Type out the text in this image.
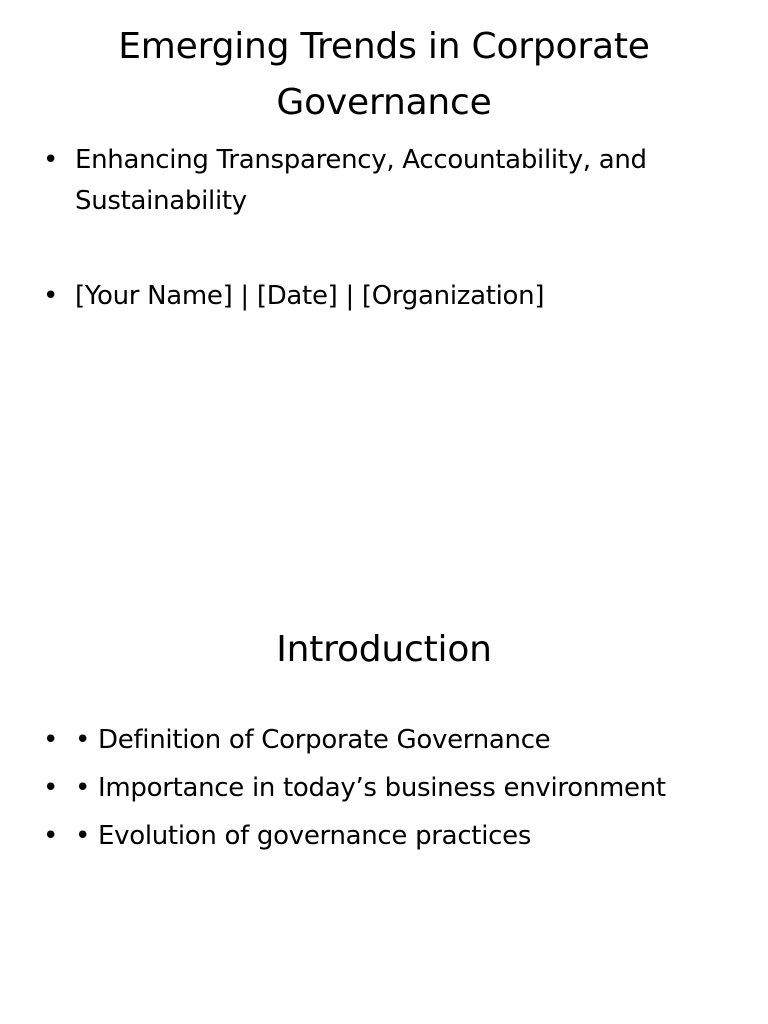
Emerging Trends in Corporate Governance
• Enhancing Transparency, Accountability, and Sustainability
• [Your Name] | [Date] | [Organization]
Introduction
• • Definition of Corporate Governance
• • Importance in today’s business environment
• • Evolution of governance practices
